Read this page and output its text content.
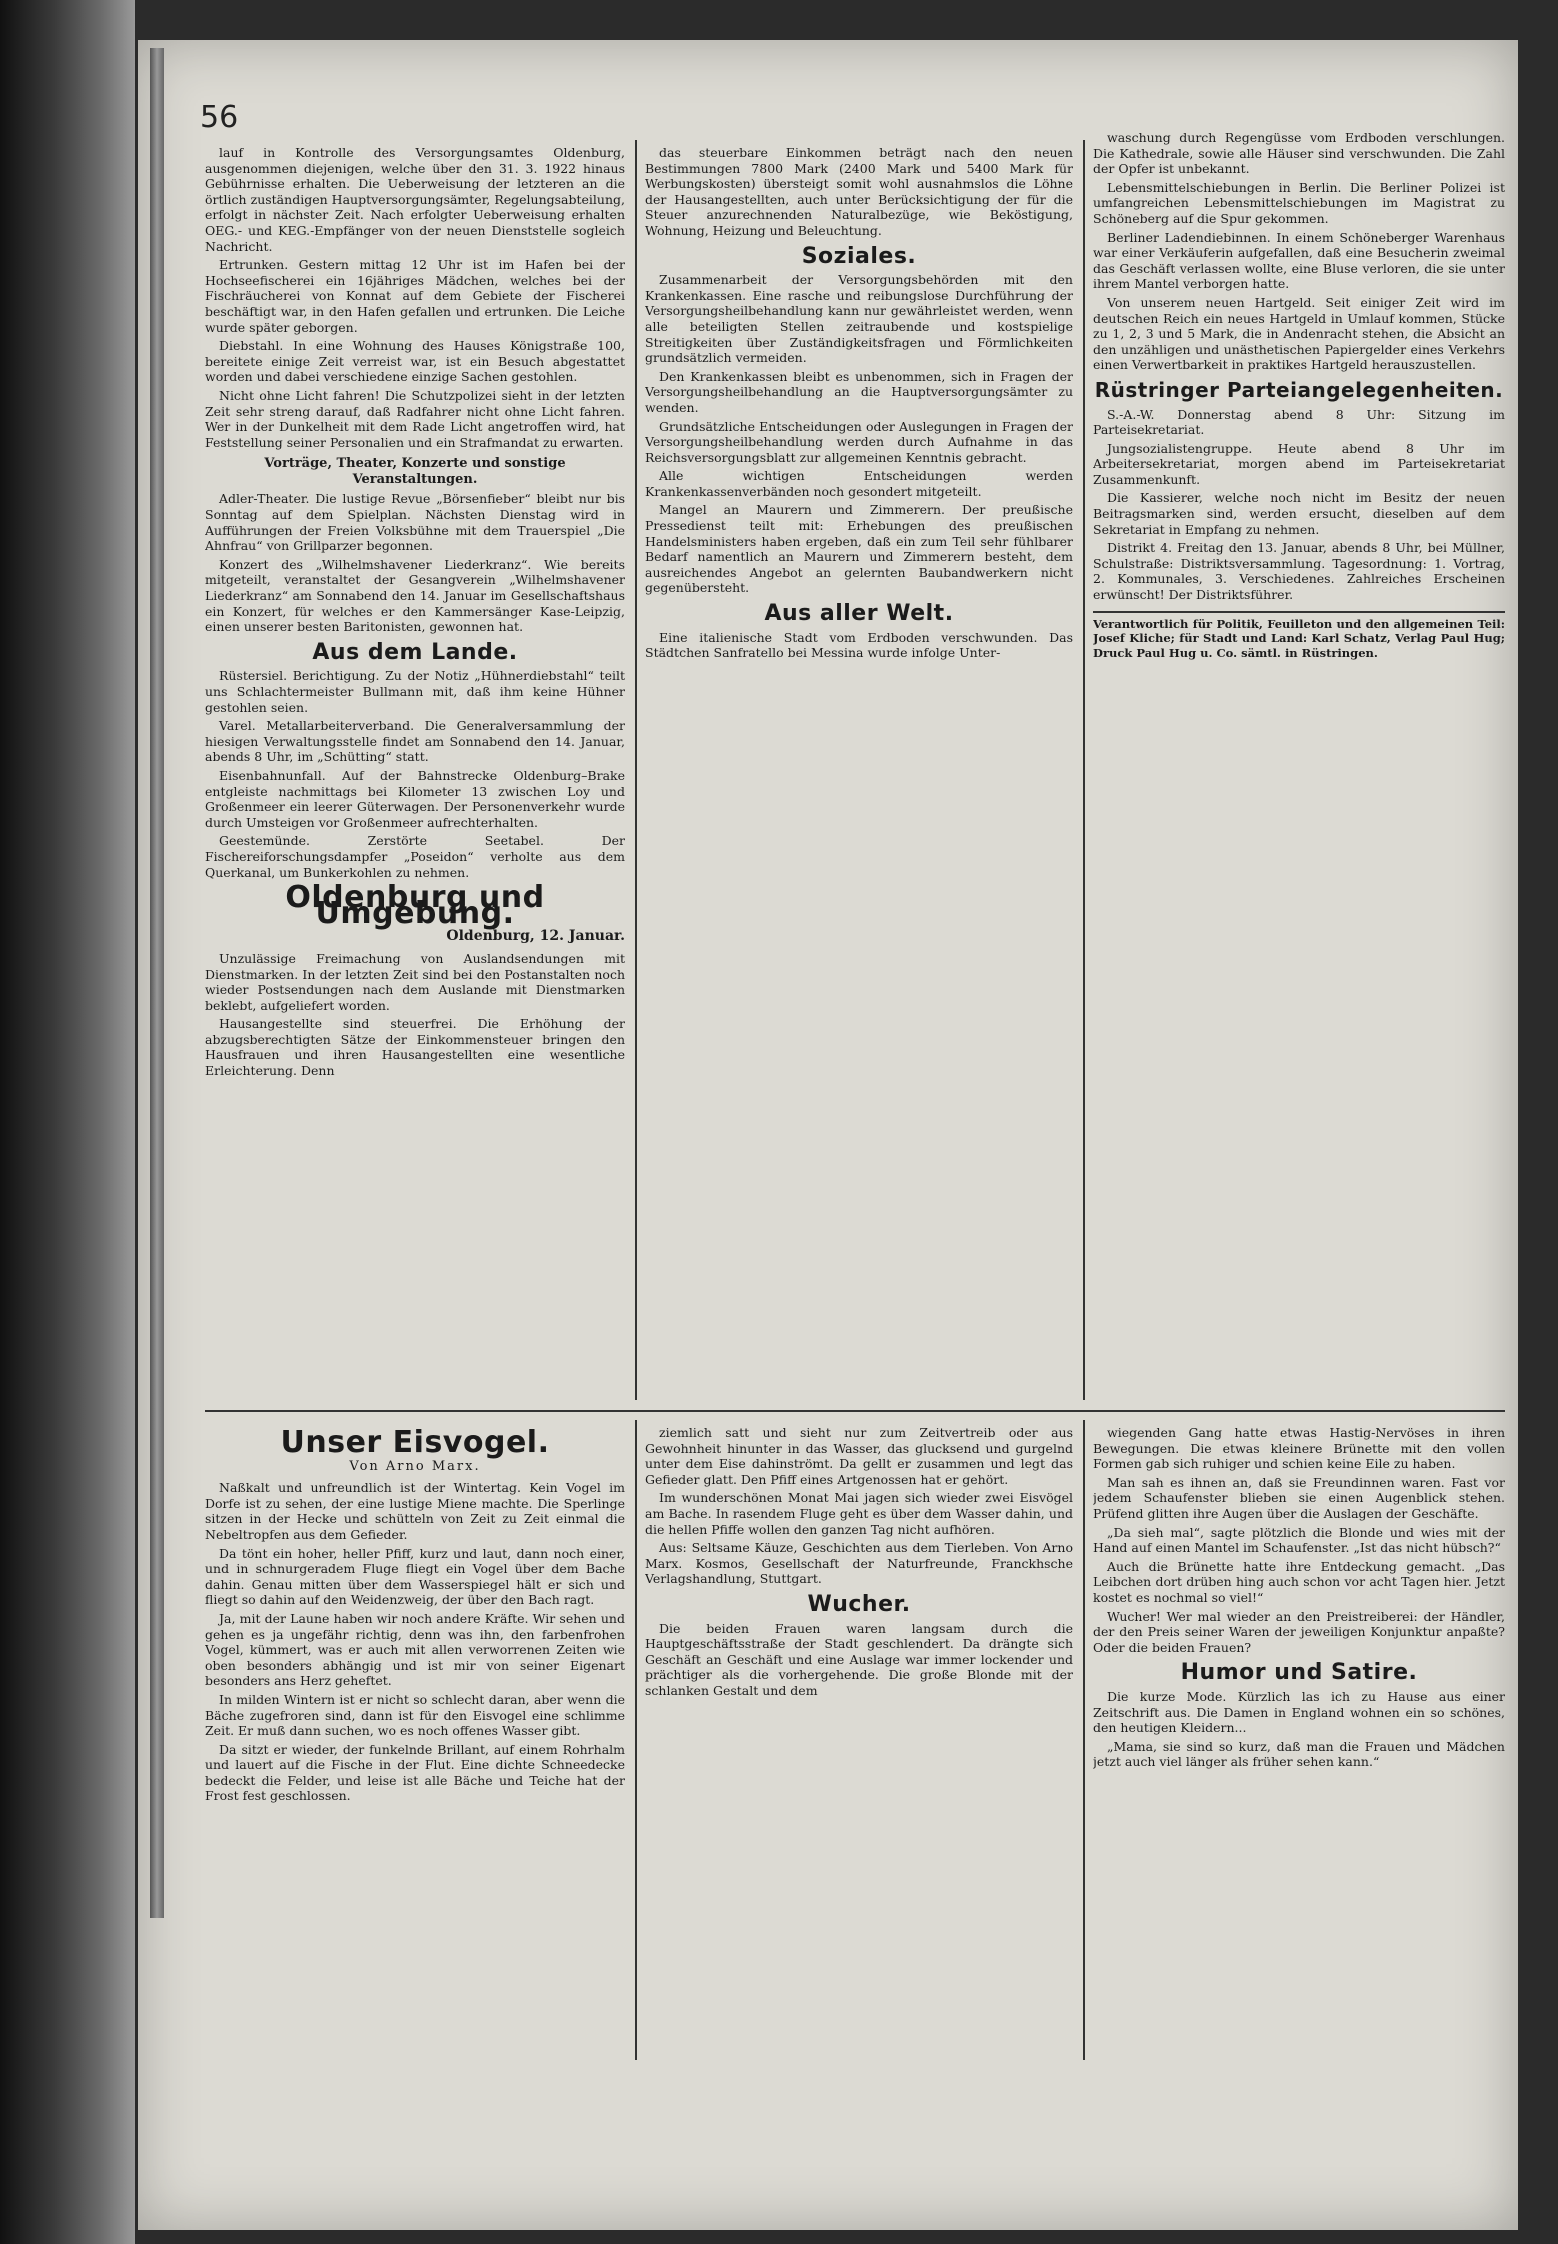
56

lauf in Kontrolle des Versorgungsamtes Oldenburg, ausgenommen diejenigen, welche über den 31. 3. 1922 hinaus Gebührnisse erhalten. Die Ueberweisung der letzteren an die örtlich zuständigen Hauptversorgungsämter, Regelungsabteilung, erfolgt in nächster Zeit. Nach erfolgter Ueberweisung erhalten OEG.- und KEG.-Empfänger von der neuen Dienststelle sogleich Nachricht.

Ertrunken. Gestern mittag 12 Uhr ist im Hafen bei der Hochseefischerei ein 16jähriges Mädchen, welches bei der Fischräucherei von Konnat auf dem Gebiete der Fischerei beschäftigt war, in den Hafen gefallen und ertrunken. Die Leiche wurde später geborgen.

Diebstahl. In eine Wohnung des Hauses Königstraße 100, bereitete einige Zeit verreist war, ist ein Besuch abgestattet worden und dabei verschiedene einzige Sachen gestohlen.

Nicht ohne Licht fahren! Die Schutzpolizei sieht in der letzten Zeit sehr streng darauf, daß Radfahrer nicht ohne Licht fahren. Wer in der Dunkelheit mit dem Rade Licht angetroffen wird, hat Feststellung seiner Personalien und ein Strafmandat zu erwarten.

Vorträge, Theater, Konzerte und sonstige Veranstaltungen.

Adler-Theater. Die lustige Revue „Börsenfieber“ bleibt nur bis Sonntag auf dem Spielplan. Nächsten Dienstag wird in Aufführungen der Freien Volksbühne mit dem Trauerspiel „Die Ahnfrau“ von Grillparzer begonnen.

Konzert des „Wilhelmshavener Liederkranz“. Wie bereits mitgeteilt, veranstaltet der Gesangverein „Wilhelmshavener Liederkranz“ am Sonnabend den 14. Januar im Gesellschaftshaus ein Konzert, für welches er den Kammersänger Kase-Leipzig, einen unserer besten Baritonisten, gewonnen hat.

Aus dem Lande.

Rüstersiel. Berichtigung. Zu der Notiz „Hühnerdiebstahl“ teilt uns Schlachtermeister Bullmann mit, daß ihm keine Hühner gestohlen seien.

Varel. Metallarbeiterverband. Die Generalversammlung der hiesigen Verwaltungsstelle findet am Sonnabend den 14. Januar, abends 8 Uhr, im „Schütting“ statt.

Eisenbahnunfall. Auf der Bahnstrecke Oldenburg–Brake entgleiste nachmittags bei Kilometer 13 zwischen Loy und Großenmeer ein leerer Güterwagen. Der Personenverkehr wurde durch Umsteigen vor Großenmeer aufrechterhalten.

Geestemünde. Zerstörte Seetabel. Der Fischereiforschungsdampfer „Poseidon“ verholte aus dem Querkanal, um Bunkerkohlen zu nehmen.

Oldenburg und Umgebung.
Oldenburg, 12. Januar.

Unzulässige Freimachung von Auslandsendungen mit Dienstmarken. In der letzten Zeit sind bei den Postanstalten noch wieder Postsendungen nach dem Auslande mit Dienstmarken beklebt, aufgeliefert worden.

Hausangestellte sind steuerfrei. Die Erhöhung der abzugsberechtigten Sätze der Einkommensteuer bringen den Hausfrauen und ihren Hausangestellten eine wesentliche Erleichterung. Denn

das steuerbare Einkommen beträgt nach den neuen Bestimmungen 7800 Mark (2400 Mark und 5400 Mark für Werbungskosten) übersteigt somit wohl ausnahmslos die Löhne der Hausangestellten, auch unter Berücksichtigung der für die Steuer anzurechnenden Naturalbezüge, wie Beköstigung, Wohnung, Heizung und Beleuchtung.

Soziales.

Zusammenarbeit der Versorgungsbehörden mit den Krankenkassen. Eine rasche und reibungslose Durchführung der Versorgungsheilbehandlung kann nur gewährleistet werden, wenn alle beteiligten Stellen zeitraubende und kostspielige Streitigkeiten über Zuständigkeitsfragen und Förmlichkeiten grundsätzlich vermeiden.

Den Krankenkassen bleibt es unbenommen, sich in Fragen der Versorgungsheilbehandlung an die Hauptversorgungsämter zu wenden.

Grundsätzliche Entscheidungen oder Auslegungen in Fragen der Versorgungsheilbehandlung werden durch Aufnahme in das Reichsversorgungsblatt zur allgemeinen Kenntnis gebracht.

Alle wichtigen Entscheidungen werden Krankenkassenverbänden noch gesondert mitgeteilt.

Mangel an Maurern und Zimmerern. Der preußische Pressedienst teilt mit: Erhebungen des preußischen Handelsministers haben ergeben, daß ein zum Teil sehr fühlbarer Bedarf namentlich an Maurern und Zimmerern besteht, dem ausreichendes Angebot an gelernten Baubandwerkern nicht gegenübersteht.

Aus aller Welt.

Eine italienische Stadt vom Erdboden verschwunden. Das Städtchen Sanfratello bei Messina wurde infolge Unter-

waschung durch Regengüsse vom Erdboden verschlungen. Die Kathedrale, sowie alle Häuser sind verschwunden. Die Zahl der Opfer ist unbekannt.

Lebensmittelschiebungen in Berlin. Die Berliner Polizei ist umfangreichen Lebensmittelschiebungen im Magistrat zu Schöneberg auf die Spur gekommen.

Berliner Ladendiebinnen. In einem Schöneberger Warenhaus war einer Verkäuferin aufgefallen, daß eine Besucherin zweimal das Geschäft verlassen wollte, eine Bluse verloren, die sie unter ihrem Mantel verborgen hatte.

Von unserem neuen Hartgeld. Seit einiger Zeit wird im deutschen Reich ein neues Hartgeld in Umlauf kommen, Stücke zu 1, 2, 3 und 5 Mark, die in Andenracht stehen, die Absicht an den unzähligen und unästhetischen Papiergelder eines Verkehrs einen Verwertbarkeit in praktikes Hartgeld herauszustellen.

Rüstringer Parteiangelegenheiten.

S.-A.-W. Donnerstag abend 8 Uhr: Sitzung im Parteisekretariat.

Jungsozialistengruppe. Heute abend 8 Uhr im Arbeitersekretariat, morgen abend im Parteisekretariat Zusammenkunft.

Die Kassierer, welche noch nicht im Besitz der neuen Beitragsmarken sind, werden ersucht, dieselben auf dem Sekretariat in Empfang zu nehmen.

Distrikt 4. Freitag den 13. Januar, abends 8 Uhr, bei Müllner, Schulstraße: Distriktsversammlung. Tagesordnung: 1. Vortrag, 2. Kommunales, 3. Verschiedenes. Zahlreiches Erscheinen erwünscht! Der Distriktsführer.

Verantwortlich für Politik, Feuilleton und den allgemeinen Teil: Josef Kliche; für Stadt und Land: Karl Schatz, Verlag Paul Hug; Druck Paul Hug u. Co. sämtl. in Rüstringen.
Unser Eisvogel.
Von Arno Marx.

Naßkalt und unfreundlich ist der Wintertag. Kein Vogel im Dorfe ist zu sehen, der eine lustige Miene machte. Die Sperlinge sitzen in der Hecke und schütteln von Zeit zu Zeit einmal die Nebeltropfen aus dem Gefieder.

Da tönt ein hoher, heller Pfiff, kurz und laut, dann noch einer, und in schnurgeradem Fluge fliegt ein Vogel über dem Bache dahin. Genau mitten über dem Wasserspiegel hält er sich und fliegt so dahin auf den Weidenzweig, der über den Bach ragt.

Ja, mit der Laune haben wir noch andere Kräfte. Wir sehen und gehen es ja ungefähr richtig, denn was ihn, den farbenfrohen Vogel, kümmert, was er auch mit allen verworrenen Zeiten wie oben besonders abhängig und ist mir von seiner Eigenart besonders ans Herz geheftet.

In milden Wintern ist er nicht so schlecht daran, aber wenn die Bäche zugefroren sind, dann ist für den Eisvogel eine schlimme Zeit. Er muß dann suchen, wo es noch offenes Wasser gibt.

Da sitzt er wieder, der funkelnde Brillant, auf einem Rohrhalm und lauert auf die Fische in der Flut. Eine dichte Schneedecke bedeckt die Felder, und leise ist alle Bäche und Teiche hat der Frost fest geschlossen.

ziemlich satt und sieht nur zum Zeitvertreib oder aus Gewohnheit hinunter in das Wasser, das glucksend und gurgelnd unter dem Eise dahinströmt. Da gellt er zusammen und legt das Gefieder glatt. Den Pfiff eines Artgenossen hat er gehört.

Im wunderschönen Monat Mai jagen sich wieder zwei Eisvögel am Bache. In rasendem Fluge geht es über dem Wasser dahin, und die hellen Pfiffe wollen den ganzen Tag nicht aufhören.

Aus: Seltsame Käuze, Geschichten aus dem Tierleben. Von Arno Marx. Kosmos, Gesellschaft der Naturfreunde, Franckhsche Verlagshandlung, Stuttgart.

Wucher.

Die beiden Frauen waren langsam durch die Hauptgeschäftsstraße der Stadt geschlendert. Da drängte sich Geschäft an Geschäft und eine Auslage war immer lockender und prächtiger als die vorhergehende. Die große Blonde mit der schlanken Gestalt und dem

wiegenden Gang hatte etwas Hastig-Nervöses in ihren Bewegungen. Die etwas kleinere Brünette mit den vollen Formen gab sich ruhiger und schien keine Eile zu haben.

Man sah es ihnen an, daß sie Freundinnen waren. Fast vor jedem Schaufenster blieben sie einen Augenblick stehen. Prüfend glitten ihre Augen über die Auslagen der Geschäfte.

„Da sieh mal“, sagte plötzlich die Blonde und wies mit der Hand auf einen Mantel im Schaufenster. „Ist das nicht hübsch?“

Auch die Brünette hatte ihre Entdeckung gemacht. „Das Leibchen dort drüben hing auch schon vor acht Tagen hier. Jetzt kostet es nochmal so viel!“

Wucher! Wer mal wieder an den Preistreiberei: der Händler, der den Preis seiner Waren der jeweiligen Konjunktur anpaßte? Oder die beiden Frauen?

Humor und Satire.

Die kurze Mode. Kürzlich las ich zu Hause aus einer Zeitschrift aus. Die Damen in England wohnen ein so schönes, den heutigen Kleidern...

„Mama, sie sind so kurz, daß man die Frauen und Mädchen jetzt auch viel länger als früher sehen kann.“
